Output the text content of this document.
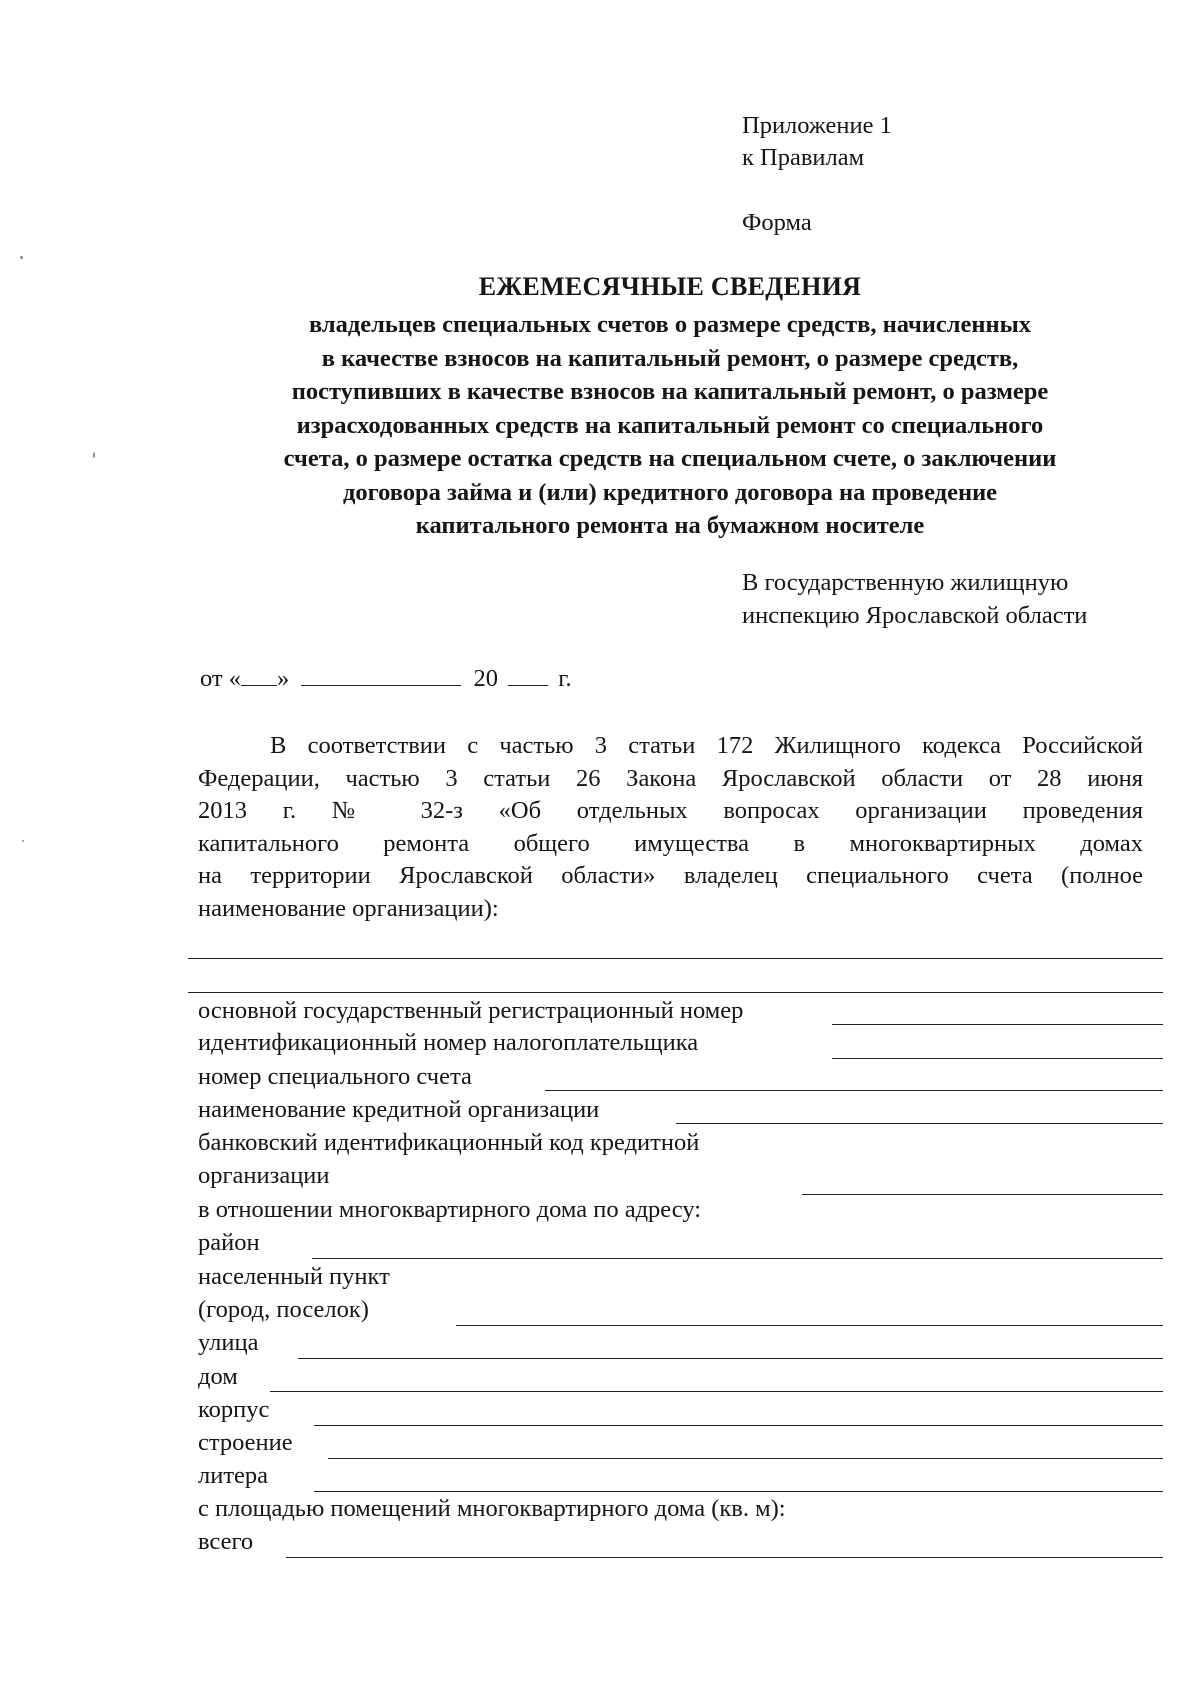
Приложение 1
к Правилам
Форма
ЕЖЕМЕСЯЧНЫЕ СВЕДЕНИЯ
владельцев специальных счетов о размере средств, начисленных
в качестве взносов на капитальный ремонт, о размере средств,
поступивших в качестве взносов на капитальный ремонт, о размере
израсходованных средств на капитальный ремонт со специального
счета, о размере остатка средств на специальном счете, о заключении
договора займа и (или) кредитного договора на проведение
капитального ремонта на бумажном носителе
В государственную жилищную
инспекцию Ярославской области
от « »	20 г.
В соответствии с частью 3 статьи 172 Жилищного кодекса Российской
Федерации, частью 3 статьи 26 Закона Ярославской области от 28 июня
2013 г. № 32-з «Об отдельных вопросах организации проведения
капитального ремонта общего имущества в многоквартирных домах
на территории Ярославской области» владелец специального счета (полное
наименование организации):
основной государственный регистрационный номер
идентификационный номер налогоплательщика
номер специального счета
наименование кредитной организации
банковский идентификационный код кредитной
организации
в отношении многоквартирного дома по адресу:
район
населенный пункт
(город, поселок)
улица
дом
корпус
строение
литера
с площадью помещений многоквартирного дома (кв. м):
всего
